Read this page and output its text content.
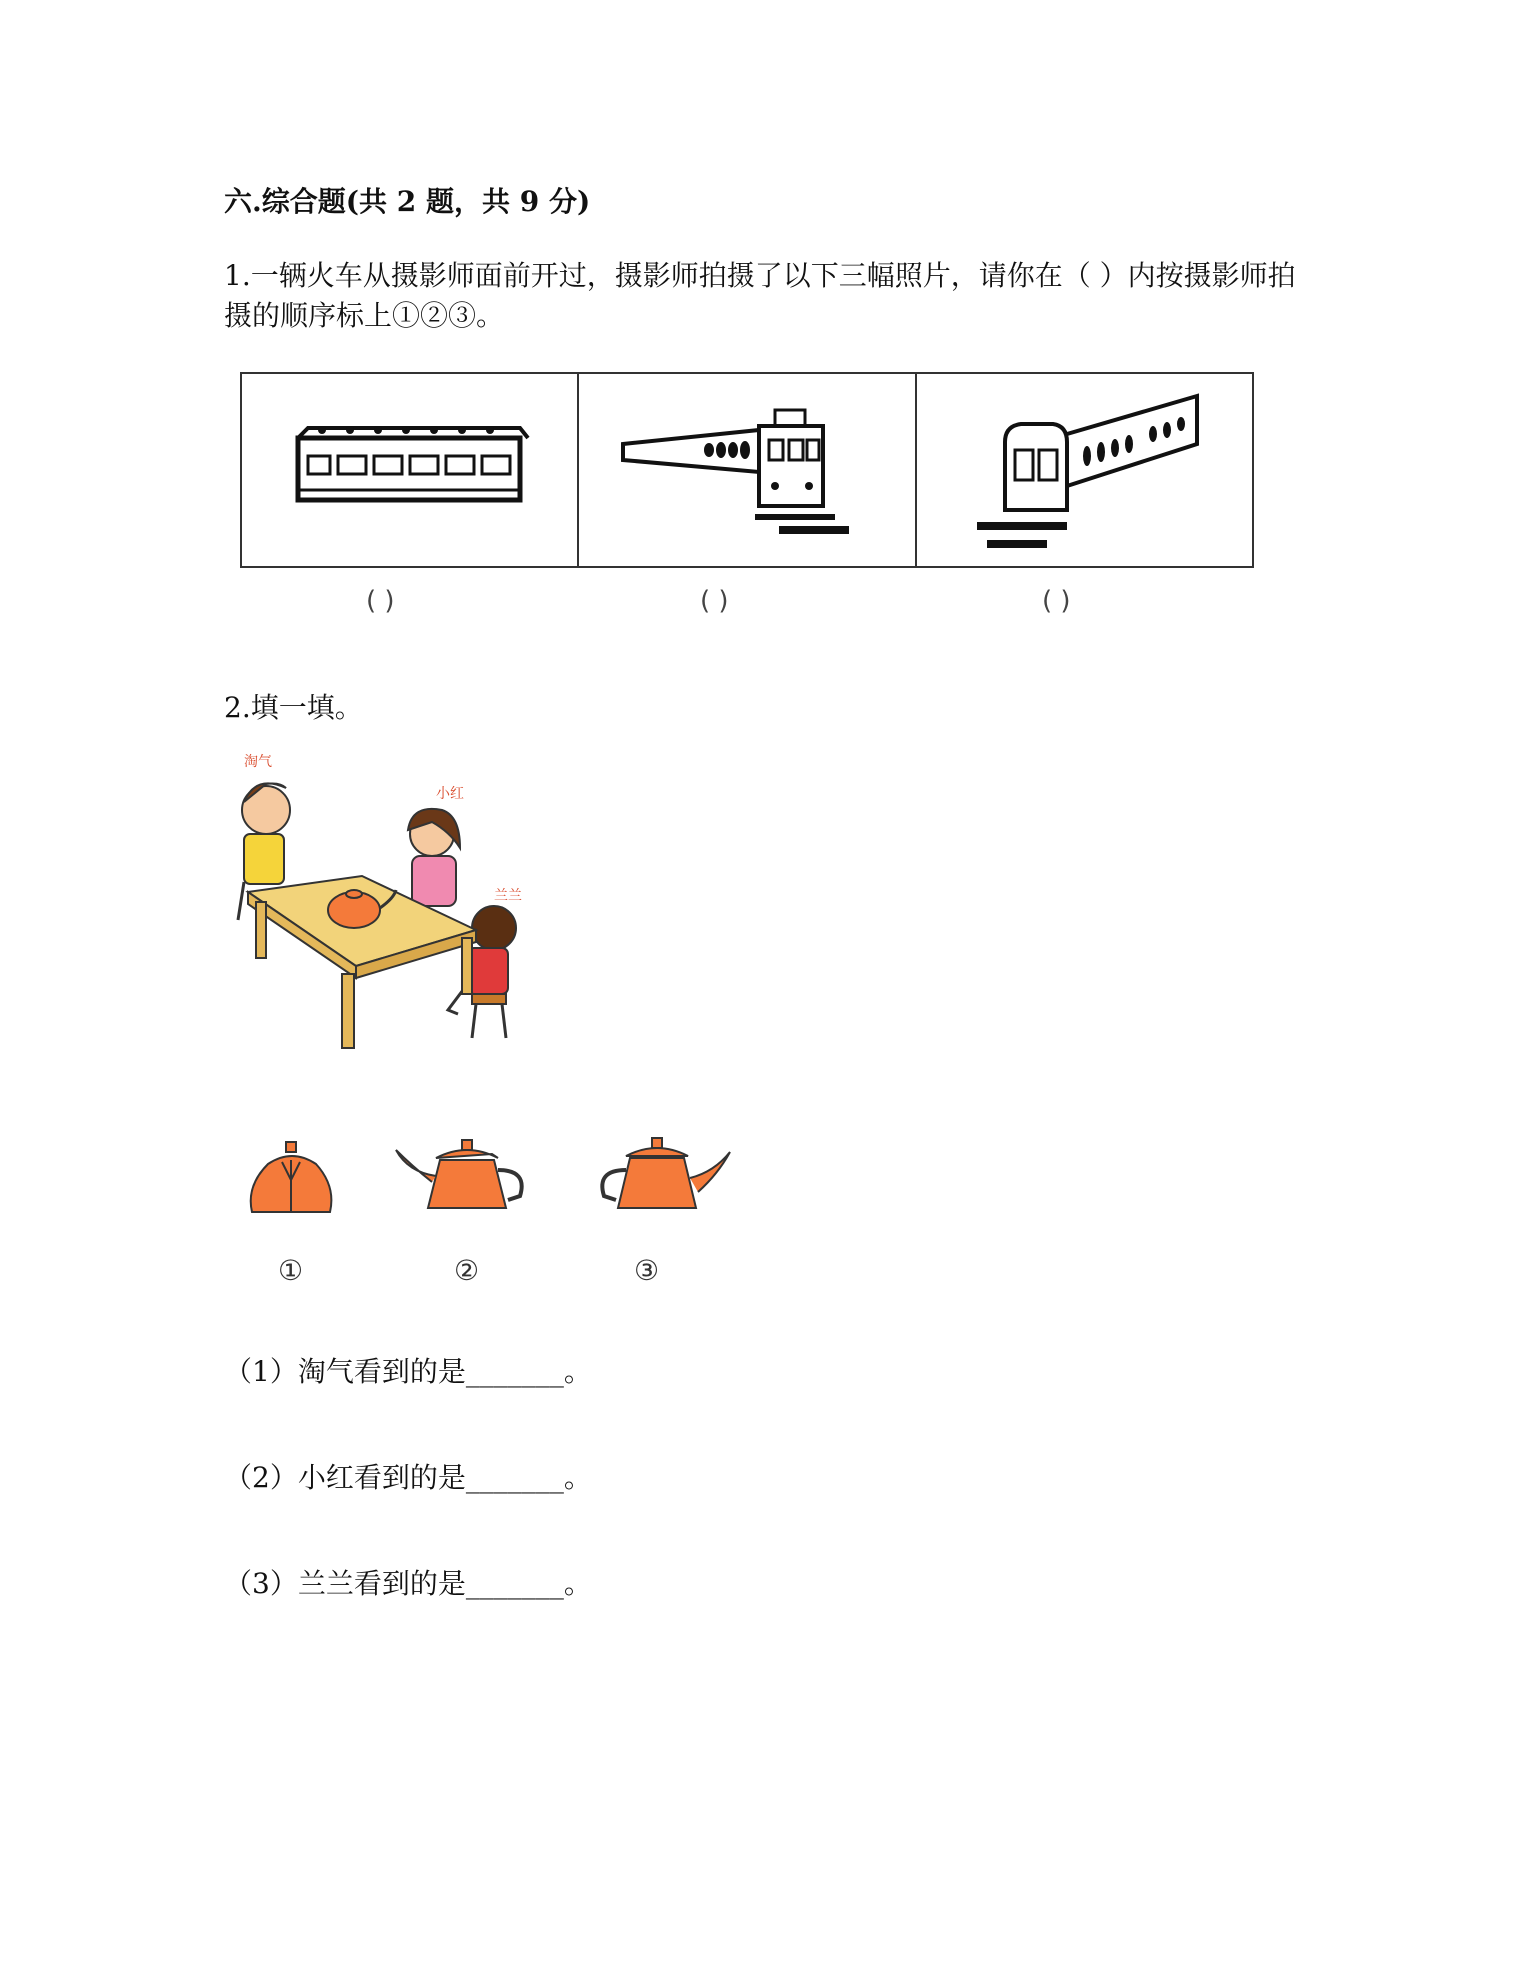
六.综合题(共 2 题，共 9 分)
1.一辆火车从摄影师面前开过，摄影师拍摄了以下三幅照片，请你在（ ）内按摄影师拍摄的顺序标上①②③。
( )	( )	( )
2.填一填。
淘气
小红
兰兰
①	②	③
（1）淘气看到的是_______。
（2）小红看到的是_______。
（3）兰兰看到的是_______。
